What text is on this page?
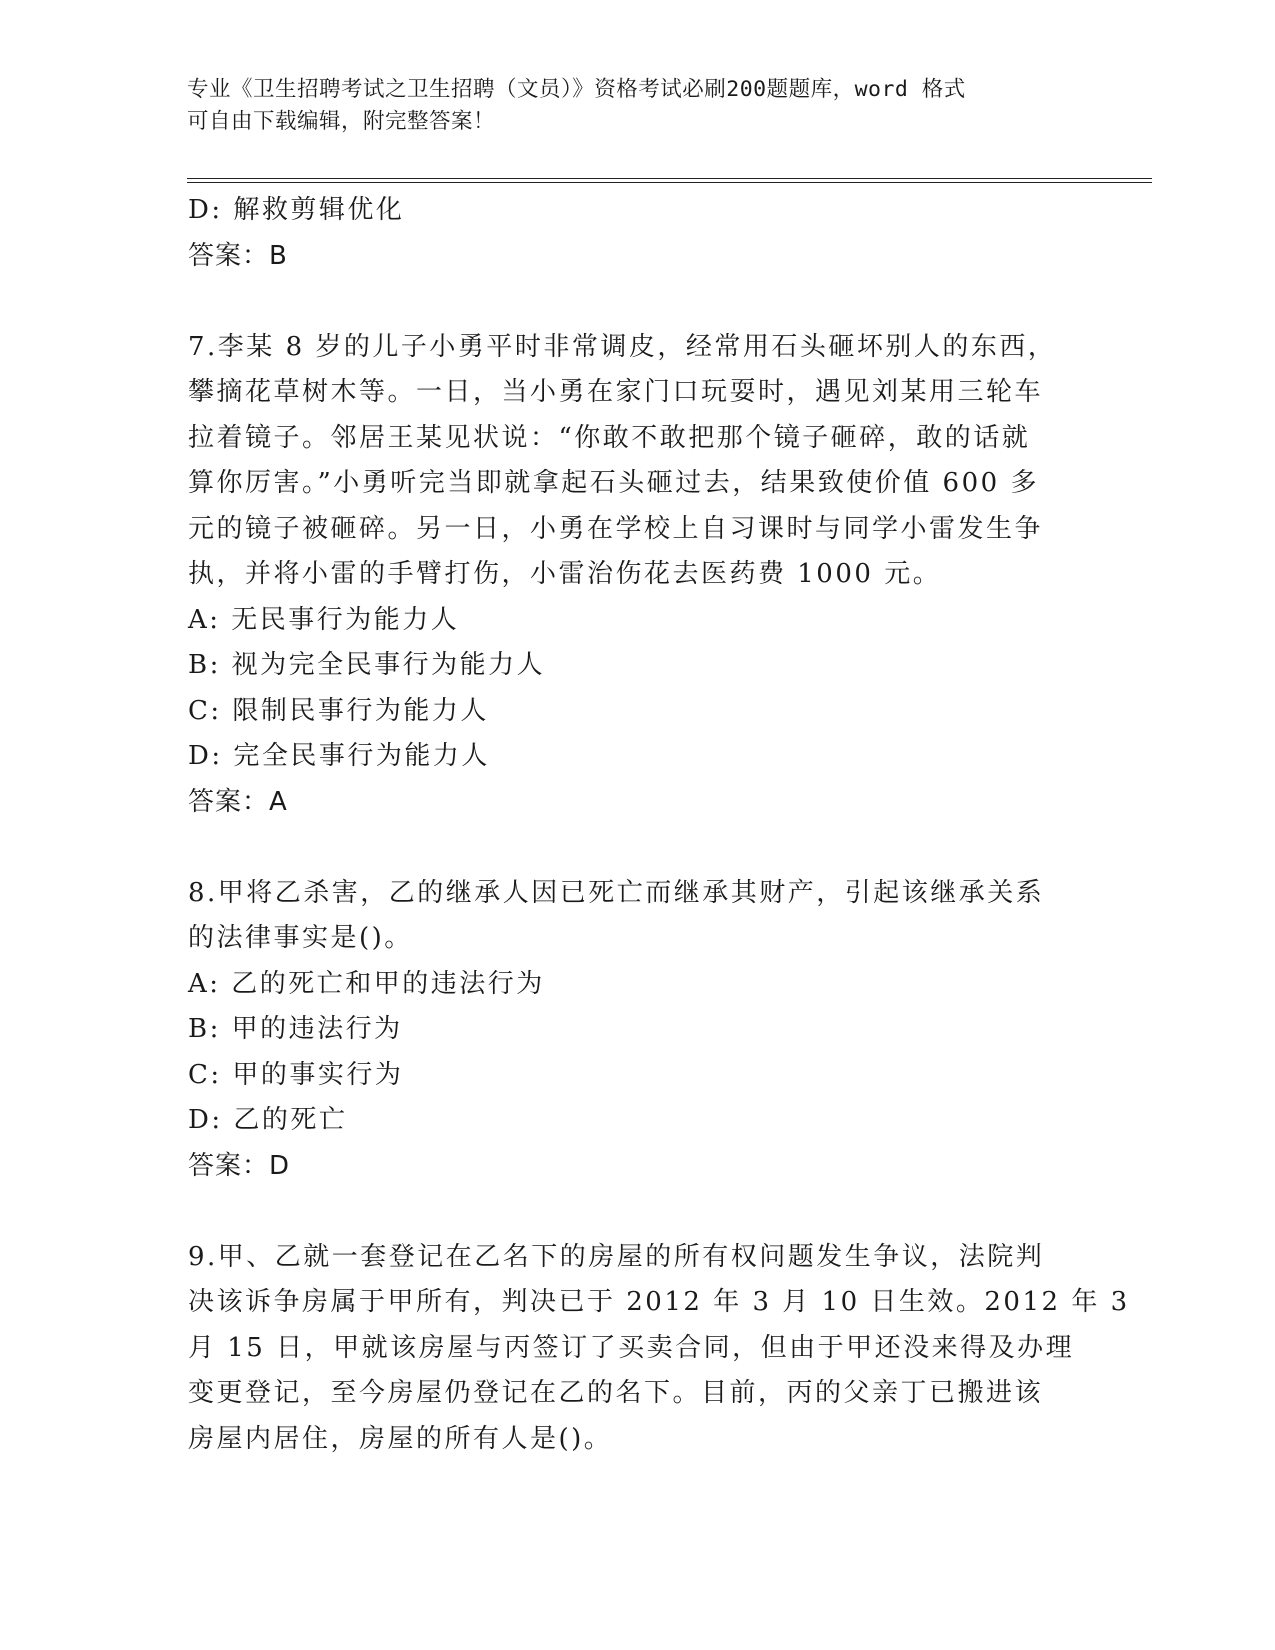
专业《卫生招聘考试之卫生招聘（文员）》资格考试必刷200题题库，word 格式
可自由下载编辑，附完整答案！
D: 解救剪辑优化
答案：B
7.李某 8 岁的儿子小勇平时非常调皮，经常用石头砸坏别人的东西，
攀摘花草树木等。一日，当小勇在家门口玩耍时，遇见刘某用三轮车
拉着镜子。邻居王某见状说：“你敢不敢把那个镜子砸碎，敢的话就
算你厉害。”小勇听完当即就拿起石头砸过去，结果致使价值 600 多
元的镜子被砸碎。另一日，小勇在学校上自习课时与同学小雷发生争
执，并将小雷的手臂打伤，小雷治伤花去医药费 1000 元。
A: 无民事行为能力人
B: 视为完全民事行为能力人
C: 限制民事行为能力人
D: 完全民事行为能力人
答案：A
8.甲将乙杀害，乙的继承人因已死亡而继承其财产，引起该继承关系
的法律事实是()。
A: 乙的死亡和甲的违法行为
B: 甲的违法行为
C: 甲的事实行为
D: 乙的死亡
答案：D
9.甲、乙就一套登记在乙名下的房屋的所有权问题发生争议，法院判
决该诉争房属于甲所有，判决已于 2012 年 3 月 10 日生效。2012 年 3
月 15 日，甲就该房屋与丙签订了买卖合同，但由于甲还没来得及办理
变更登记，至今房屋仍登记在乙的名下。目前，丙的父亲丁已搬进该
房屋内居住，房屋的所有人是()。
